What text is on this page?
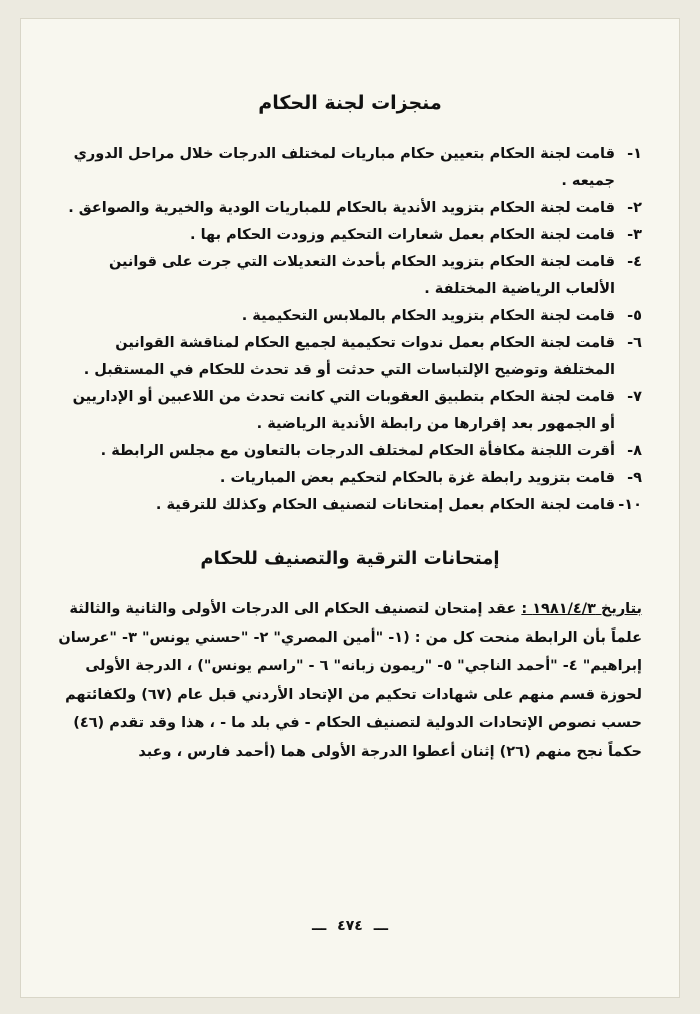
منجزات لجنة الحكام
١-قامت لجنة الحكام بتعيين حكام مباريات لمختلف الدرجات خلال مراحل الدوري جميعه .
٢-قامت لجنة الحكام بتزويد الأندية بالحكام للمباريات الودية والخيرية والصواعق .
٣-قامت لجنة الحكام بعمل شعارات التحكيم وزودت الحكام بها .
٤-قامت لجنة الحكام بتزويد الحكام بأحدث التعديلات التي جرت على قوانين الألعاب الرياضية المختلفة .
٥-قامت لجنة الحكام بتزويد الحكام بالملابس التحكيمية .
٦-قامت لجنة الحكام بعمل ندوات تحكيمية لجميع الحكام لمناقشة القوانين المختلفة وتوضيح الإلتباسات التي حدثت أو قد تحدث للحكام في المستقبل .
٧-قامت لجنة الحكام بتطبيق العقوبات التي كانت تحدث من اللاعبين أو الإداريين أو الجمهور بعد إقرارها من رابطة الأندية الرياضية .
٨-أقرت اللجنة مكافأة الحكام لمختلف الدرجات بالتعاون مع مجلس الرابطة .
٩-قامت بتزويد رابطة غزة بالحكام لتحكيم بعض المباريات .
١٠-قامت لجنة الحكام بعمل إمتحانات لتصنيف الحكام وكذلك للترقية .
إمتحانات الترقية والتصنيف للحكام

بتاريخ ١٩٨١/٤/٣ : عقد إمتحان لتصنيف الحكام الى الدرجات الأولى والثانية والثالثة علماً بأن الرابطة منحت كل من : (١- "أمين المصري" ٢- "حسني يونس" ٣- "عرسان إبراهيم" ٤- "أحمد الناجي" ٥- "ريمون زبانه" ٦ - "راسم يونس") ، الدرجة الأولى لحوزة قسم منهم على شهادات تحكيم من الإتحاد الأردني قبل عام (٦٧) ولكفائتهم حسب نصوص الإتحادات الدولية لتصنيف الحكام - في بلد ما - ، هذا وقد تقدم (٤٦) حكماً نجح منهم (٢٦) إثنان أعطوا الدرجة الأولى هما (أحمد فارس ، وعبد

ـــ ٤٧٤ ـــ
